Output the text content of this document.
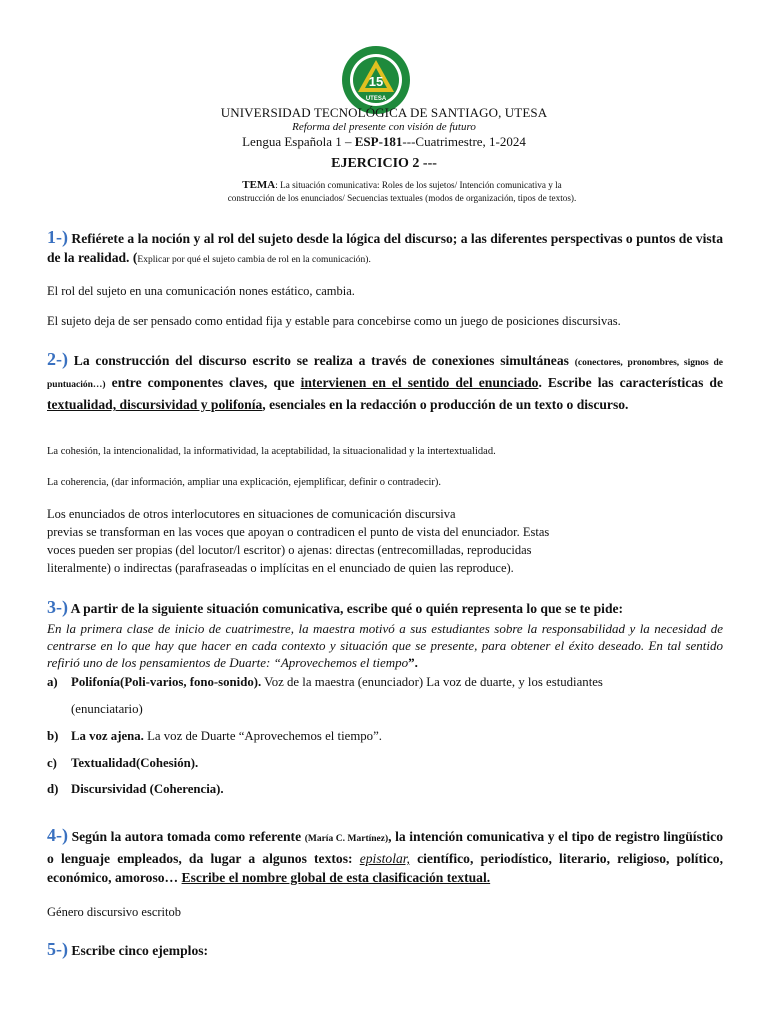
15
UTESA
UNIVERSIDAD TECNOLÓGICA DE SANTIAGO, UTESA
Reforma del presente con visión de futuro
Lengua Española 1 – ESP-181---Cuatrimestre, 1-2024
EJERCICIO 2 ---
TEMA: La situación comunicativa: Roles de los sujetos/ Intención comunicativa y la construcción de los enunciados/ Secuencias textuales (modos de organización, tipos de textos).
1-) Refiérete a la noción y al rol del sujeto desde la lógica del discurso; a las diferentes perspectivas o puntos de vista de la realidad. (Explicar por qué el sujeto cambia de rol en la comunicación).
El rol del sujeto en una comunicación nones estático, cambia.
El sujeto deja de ser pensado como entidad fija y estable para concebirse como un juego de posiciones discursivas.
2-) La construcción del discurso escrito se realiza a través de conexiones simultáneas (conectores, pronombres, signos de puntuación…) entre componentes claves, que intervienen en el sentido del enunciado. Escribe las características de textualidad, discursividad y polifonía, esenciales en la redacción o producción de un texto o discurso.
La cohesión, la intencionalidad, la informatividad, la aceptabilidad, la situacionalidad y la intertextualidad.
La coherencia, (dar información, ampliar una explicación, ejemplificar, definir o contradecir).
Los enunciados de otros interlocutores en situaciones de comunicación discursiva
previas se transforman en las voces que apoyan o contradicen el punto de vista del enunciador. Estas
voces pueden ser propias (del locutor/l escritor) o ajenas: directas (entrecomilladas, reproducidas
literalmente) o indirectas (parafraseadas o implícitas en el enunciado de quien las reproduce).
3-) A partir de la siguiente situación comunicativa, escribe qué o quién representa lo que se te pide:
En la primera clase de inicio de cuatrimestre, la maestra motivó a sus estudiantes sobre la responsabilidad y la necesidad de centrarse en lo que hay que hacer en cada contexto y situación que se presente, para obtener el éxito deseado. En tal sentido refirió uno de los pensamientos de Duarte: “Aprovechemos el tiempo”.
a) Polifonía(Poli-varios, fono-sonido). Voz de la maestra (enunciador) La voz de duarte, y los estudiantes
(enunciatario)
b) La voz ajena. La voz de Duarte “Aprovechemos el tiempo”.
c) Textualidad(Cohesión).
d) Discursividad (Coherencia).
4-) Según la autora tomada como referente (María C. Martínez), la intención comunicativa y el tipo de registro lingüístico o lenguaje empleados, da lugar a algunos textos: epistolar, científico, periodístico, literario, religioso, político, económico, amoroso… Escribe el nombre global de esta clasificación textual.
Género discursivo escritob
5-) Escribe cinco ejemplos:
